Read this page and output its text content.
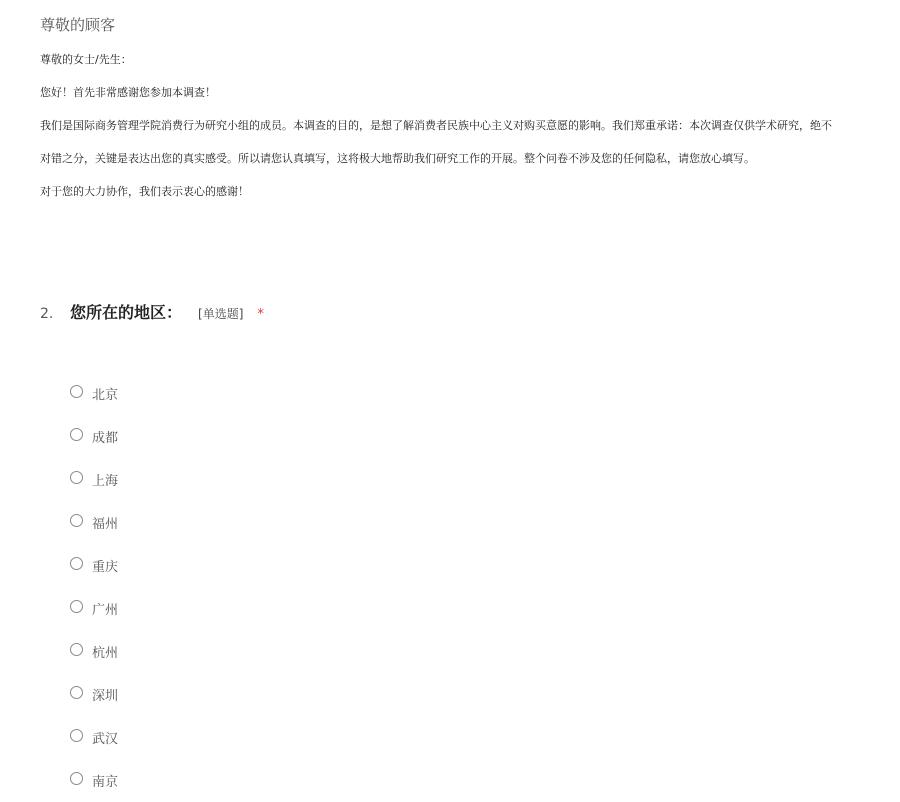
尊敬的顾客
尊敬的女士/先生：
您好！首先非常感谢您参加本调查！
我们是国际商务管理学院消费行为研究小组的成员。本调查的目的，是想了解消费者民族中心主义对购买意愿的影响。我们郑重承诺：本次调查仅供学术研究，绝不
对错之分，关键是表达出您的真实感受。所以请您认真填写，这将极大地帮助我们研究工作的开展。整个问卷不涉及您的任何隐私，请您放心填写。
对于您的大力协作，我们表示衷心的感谢！
2.	您所在的地区： [单选题] *
北京
成都
上海
福州
重庆
广州
杭州
深圳
武汉
南京
